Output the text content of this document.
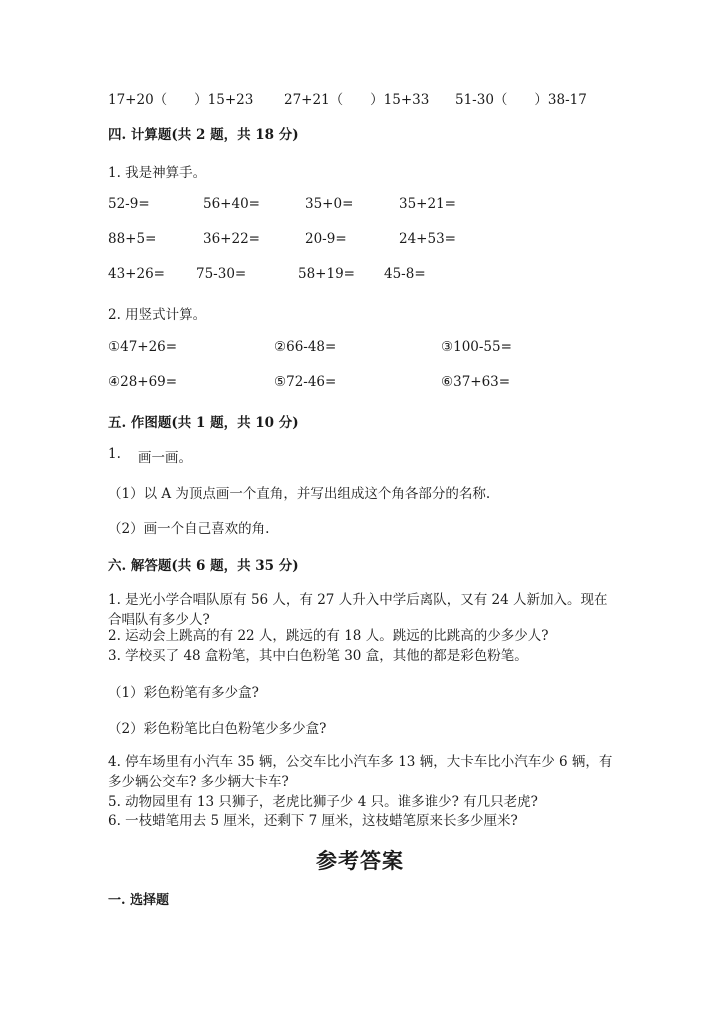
17+20（　　）15+23 27+21（　　）15+33 51-30（　　）38-17
四. 计算题(共 2 题，共 18 分)
1. 我是神算手。
52-9=	56+40=	35+0=	35+21=
88+5=	36+22=	20-9=	24+53=
43+26= 75-30=	58+19= 45-8=
2. 用竖式计算。
①47+26=	②66-48=	③100-55=
④28+69=	⑤72-46=	⑥37+63=
五. 作图题(共 1 题，共 10 分)
1. 画一画。
（1）以 A 为顶点画一个直角，并写出组成这个角各部分的名称.
（2）画一个自己喜欢的角.
六. 解答题(共 6 题，共 35 分)
1. 是光小学合唱队原有 56 人，有 27 人升入中学后离队，又有 24 人新加入。现在合唱队有多少人?
2. 运动会上跳高的有 22 人，跳远的有 18 人。跳远的比跳高的少多少人?
3. 学校买了 48 盒粉笔，其中白色粉笔 30 盒，其他的都是彩色粉笔。
（1）彩色粉笔有多少盒?
（2）彩色粉笔比白色粉笔少多少盒?
4. 停车场里有小汽车 35 辆，公交车比小汽车多 13 辆，大卡车比小汽车少 6 辆，有多少辆公交车? 多少辆大卡车?
5. 动物园里有 13 只狮子，老虎比狮子少 4 只。谁多谁少? 有几只老虎?
6. 一枝蜡笔用去 5 厘米，还剩下 7 厘米，这枝蜡笔原来长多少厘米?
参考答案
一. 选择题
